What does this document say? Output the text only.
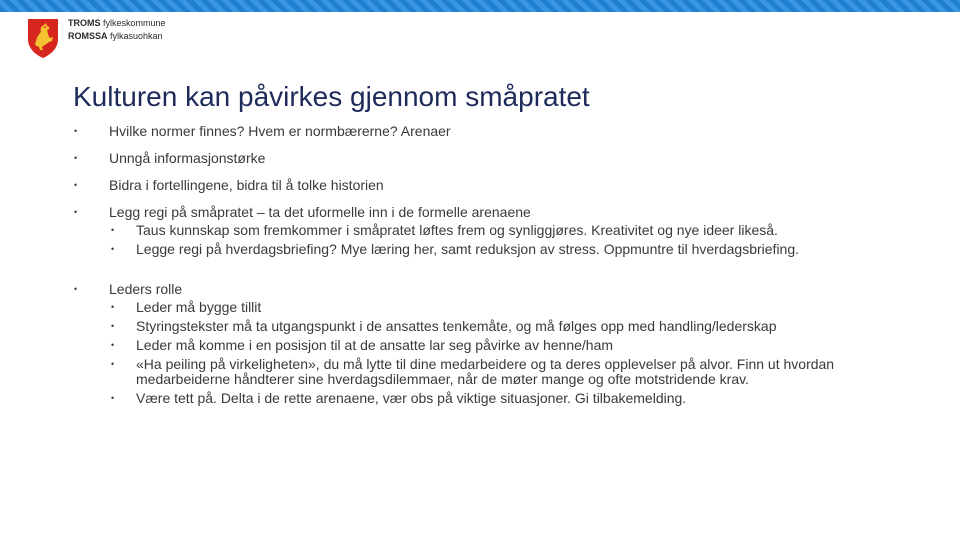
TROMS fylkeskommune
ROMSSA fylkasuohkan
Kulturen kan påvirkes gjennom småpratet
• Hvilke normer finnes? Hvem er normbærerne? Arenaer
• Unngå informasjonstørke
• Bidra i fortellingene, bidra til å tolke historien
• Legg regi på småpratet – ta det uformelle inn i de formelle arenaene
• Taus kunnskap som fremkommer i småpratet løftes frem og synliggjøres. Kreativitet og nye ideer likeså.
• Legge regi på hverdagsbriefing? Mye læring her, samt reduksjon av stress. Oppmuntre til hverdagsbriefing.
• Leders rolle
• Leder må bygge tillit
• Styringstekster må ta utgangspunkt i de ansattes tenkemåte, og må følges opp med handling/lederskap
• Leder må komme i en posisjon til at de ansatte lar seg påvirke av henne/ham
• «Ha peiling på virkeligheten», du må lytte til dine medarbeidere og ta deres opplevelser på alvor. Finn ut hvordan medarbeiderne håndterer sine hverdagsdilemmaer, når de møter mange og ofte motstridende krav.
• Være tett på. Delta i de rette arenaene, vær obs på viktige situasjoner. Gi tilbakemelding.
